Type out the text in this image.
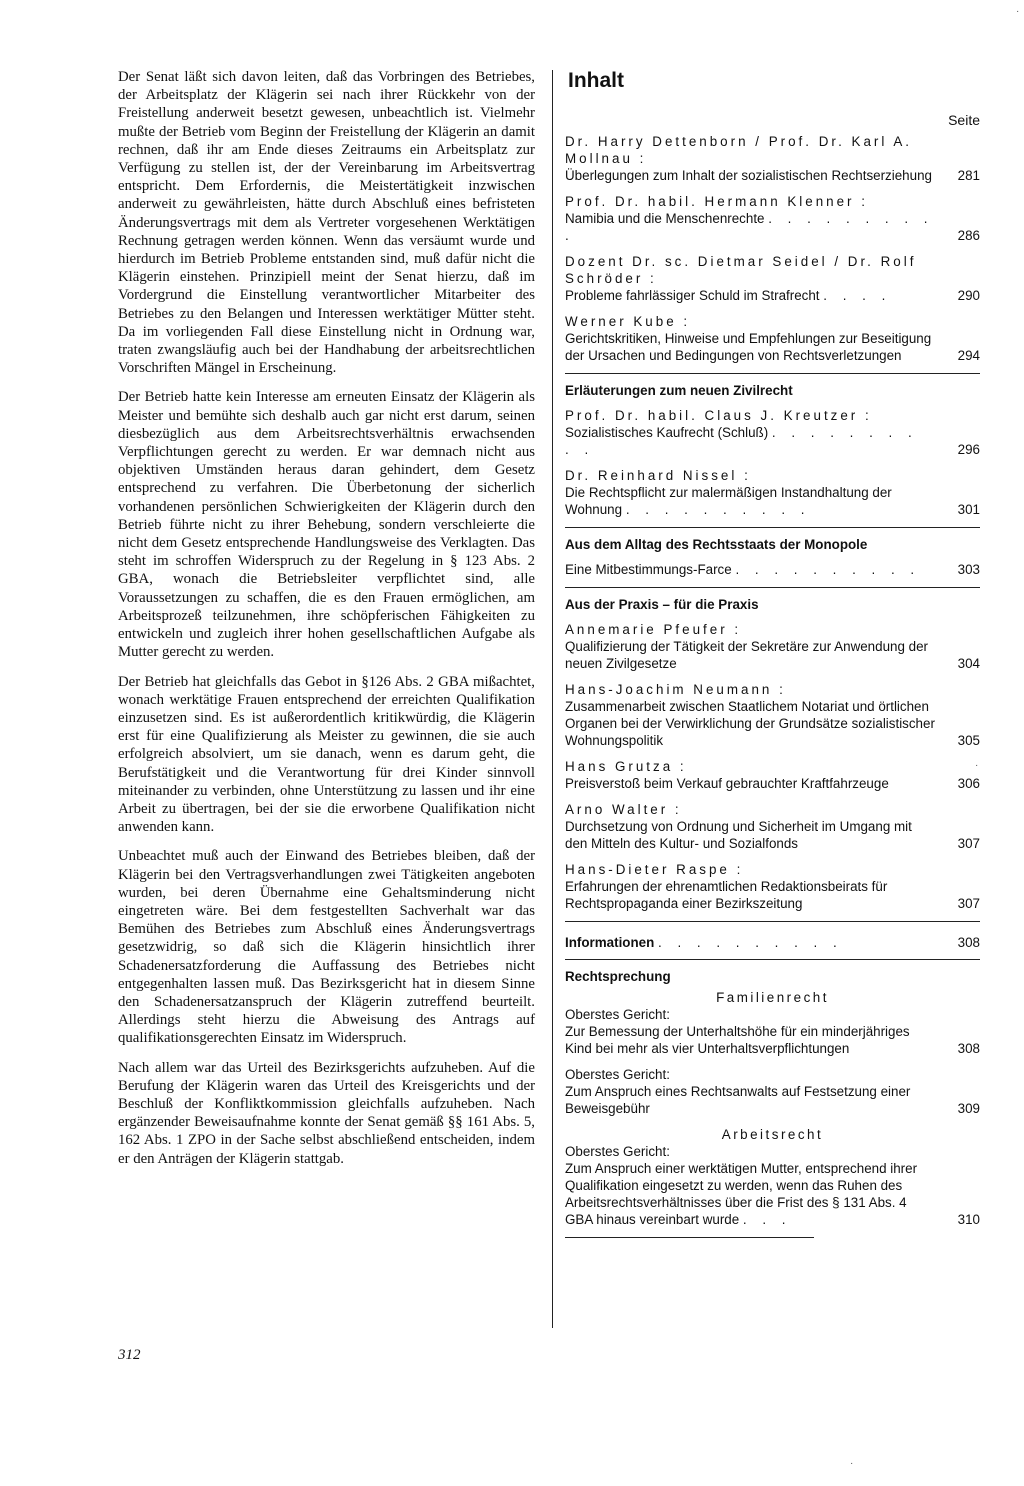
·
·
·

Der Senat läßt sich davon leiten, daß das Vorbringen des Betriebes, der Arbeitsplatz der Klägerin sei nach ihrer Rückkehr von der Freistellung anderweit besetzt gewesen, unbeachtlich ist. Vielmehr mußte der Betrieb vom Beginn der Freistellung der Klägerin an damit rechnen, daß ihr am Ende dieses Zeitraums ein Arbeitsplatz zur Verfügung zu stellen ist, der der Vereinbarung im Arbeitsvertrag entspricht. Dem Erfordernis, die Meistertätigkeit inzwischen anderweit zu gewährleisten, hätte durch Abschluß eines befristeten Änderungsvertrags mit dem als Vertreter vorgesehenen Werktätigen Rechnung getragen werden können. Wenn das versäumt wurde und hierdurch im Betrieb Probleme entstanden sind, muß dafür nicht die Klägerin einstehen. Prinzipiell meint der Senat hierzu, daß im Vordergrund die Einstellung verantwortlicher Mitarbeiter des Betriebes zu den Belangen und Interessen werktätiger Mütter steht. Da im vorliegenden Fall diese Einstellung nicht in Ordnung war, traten zwangsläufig auch bei der Handhabung der arbeitsrechtlichen Vorschriften Mängel in Erscheinung.

Der Betrieb hatte kein Interesse am erneuten Einsatz der Klägerin als Meister und bemühte sich deshalb auch gar nicht erst darum, seinen diesbezüglich aus dem Arbeitsrechtsverhältnis erwachsenden Verpflichtungen gerecht zu werden. Er war demnach nicht aus objektiven Umständen heraus daran gehindert, dem Gesetz entsprechend zu verfahren. Die Überbetonung der sicherlich vorhandenen persönlichen Schwierigkeiten der Klägerin durch den Betrieb führte nicht zu ihrer Behebung, sondern verschleierte die nicht dem Gesetz entsprechende Handlungsweise des Verklagten. Das steht im schroffen Widerspruch zu der Regelung in § 123 Abs. 2 GBA, wonach die Betriebsleiter verpflichtet sind, alle Voraussetzungen zu schaffen, die es den Frauen ermöglichen, am Arbeitsprozeß teilzunehmen, ihre schöpferischen Fähigkeiten zu entwickeln und zugleich ihrer hohen gesellschaftlichen Aufgabe als Mutter gerecht zu werden.

Der Betrieb hat gleichfalls das Gebot in §126 Abs. 2 GBA mißachtet, wonach werktätige Frauen entsprechend der erreichten Qualifikation einzusetzen sind. Es ist außerordentlich kritikwürdig, die Klägerin erst für eine Qualifizierung als Meister zu gewinnen, die sie auch erfolgreich absolviert, um sie danach, wenn es darum geht, die Berufstätigkeit und die Verantwortung für drei Kinder sinnvoll miteinander zu verbinden, ohne Unterstützung zu lassen und ihr eine Arbeit zu übertragen, bei der sie die erworbene Qualifikation nicht anwenden kann.

Unbeachtet muß auch der Einwand des Betriebes bleiben, daß der Klägerin bei den Vertragsverhandlungen zwei Tätigkeiten angeboten wurden, bei deren Übernahme eine Gehaltsminderung nicht eingetreten wäre. Bei dem festgestellten Sachverhalt war das Bemühen des Betriebes zum Abschluß eines Änderungsvertrags gesetzwidrig, so daß sich die Klägerin hinsichtlich ihrer Schadenersatzforderung die Auffassung des Betriebes nicht entgegenhalten lassen muß. Das Bezirksgericht hat in diesem Sinne den Schadenersatzanspruch der Klägerin zutreffend beurteilt. Allerdings steht hierzu die Abweisung des Antrags auf qualifikationsgerechten Einsatz im Widerspruch.

Nach allem war das Urteil des Bezirksgerichts aufzuheben. Auf die Berufung der Klägerin waren das Urteil des Kreisgerichts und der Beschluß der Konfliktkommission gleichfalls aufzuheben. Nach ergänzender Beweisaufnahme konnte der Senat gemäß §§ 161 Abs. 5, 162 Abs. 1 ZPO in der Sache selbst abschließend entscheiden, indem er den Anträgen der Klägerin stattgab.

312
Inhalt
Seite
Dr. Harry Dettenborn / Prof. Dr. Karl A. Mollnau :
Überlegungen zum Inhalt der sozialistischen Rechtserziehung	281
Prof. Dr. habil. Hermann Klenner :
Namibia und die Menschenrechte . . . . . . . . . .	286
Dozent Dr. sc. Dietmar Seidel / Dr. Rolf Schröder :
Probleme fahrlässiger Schuld im Strafrecht . . . .	290
Werner Kube :
Gerichtskritiken, Hinweise und Empfehlungen zur Beseitigung der Ursachen und Bedingungen von Rechtsverletzungen	294
Erläuterungen zum neuen Zivilrecht
Prof. Dr. habil. Claus J. Kreutzer :
Sozialistisches Kaufrecht (Schluß) . . . . . . . . . .	296
Dr. Reinhard Nissel :
Die Rechtspflicht zur malermäßigen Instandhaltung der Wohnung . . . . . . . . . .	301
Aus dem Alltag des Rechtsstaats der Monopole
Eine Mitbestimmungs-Farce . . . . . . . . . .	303
Aus der Praxis – für die Praxis
Annemarie Pfeufer :
Qualifizierung der Tätigkeit der Sekretäre zur Anwendung der neuen Zivilgesetze	304
Hans-Joachim Neumann :
Zusammenarbeit zwischen Staatlichem Notariat und örtlichen Organen bei der Verwirklichung der Grundsätze sozialistischer Wohnungspolitik	305
Hans Grutza :
Preisverstoß beim Verkauf gebrauchter Kraftfahrzeuge	306
Arno Walter :
Durchsetzung von Ordnung und Sicherheit im Umgang mit den Mitteln des Kultur- und Sozialfonds	307
Hans-Dieter Raspe :
Erfahrungen der ehrenamtlichen Redaktionsbeirats für Rechtspropaganda einer Bezirkszeitung	307
Informationen . . . . . . . . . .	308
Rechtsprechung
Familienrecht
Oberstes Gericht:
Zur Bemessung der Unterhaltshöhe für ein minderjähriges Kind bei mehr als vier Unterhaltsverpflichtungen	308
Oberstes Gericht:
Zum Anspruch eines Rechtsanwalts auf Festsetzung einer Beweisgebühr	309
Arbeitsrecht
Oberstes Gericht:
Zum Anspruch einer werktätigen Mutter, entsprechend ihrer Qualifikation eingesetzt zu werden, wenn das Ruhen des Arbeitsrechtsverhältnisses über die Frist des § 131 Abs. 4 GBA hinaus vereinbart wurde . . .	310
